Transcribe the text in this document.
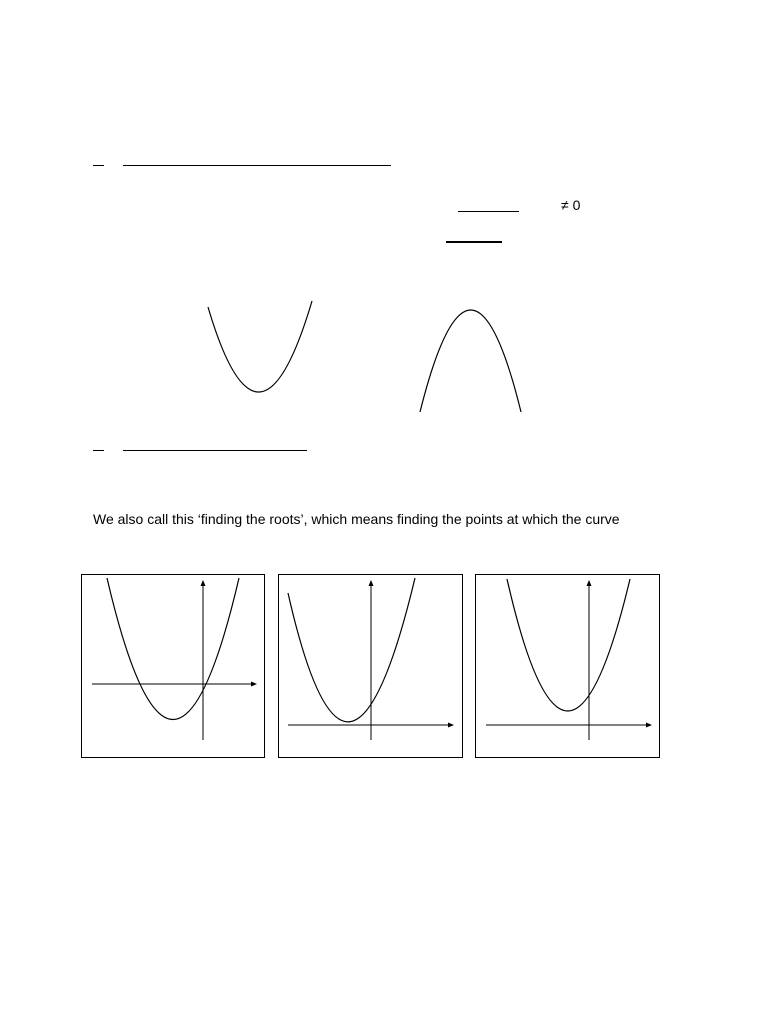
≠ 0
We also call this ‘finding the roots’, which means finding the points at which the curve
